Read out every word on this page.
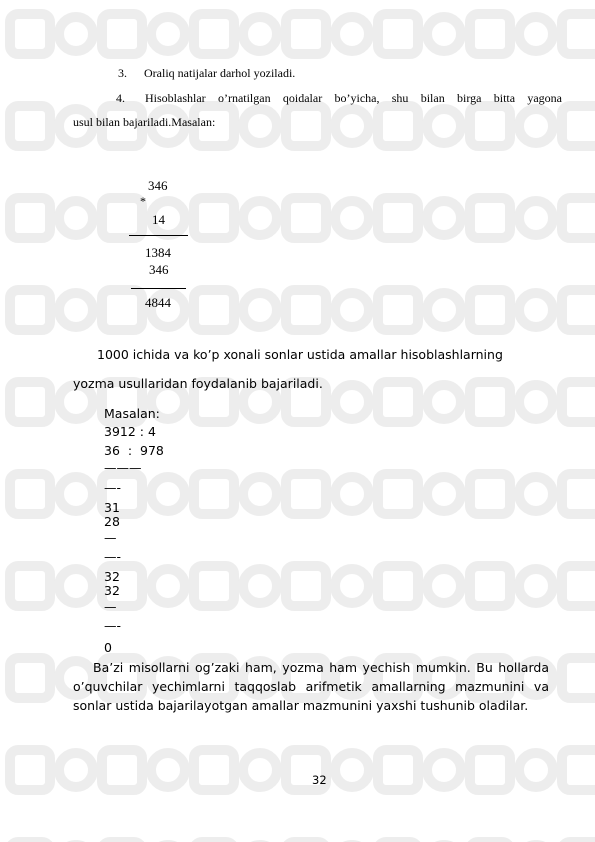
3. Oraliq natijalar darhol yoziladi.
4. Hisoblashlar o’rnatilgan qoidalar bo’yicha, shu bilan birga bitta yagona
usul bilan bajariladi.Masalan:
346
*
14
1384
346
4844
1000 ichida va ko’p xonali sonlar ustida amallar hisoblashlarning
yozma usullaridan foydalanib bajariladi.
Masalan:
3912 : 4
36  :  978
———
—-
31
28
—
—-
32
32
—
—-
0
Ba’zi misollarni og’zaki ham, yozma ham yechish mumkin. Bu hollarda
o’quvchilar yechimlarni taqqoslab arifmetik amallarning mazmunini va
sonlar ustida bajarilayotgan amallar mazmunini yaxshi tushunib oladilar.
32
